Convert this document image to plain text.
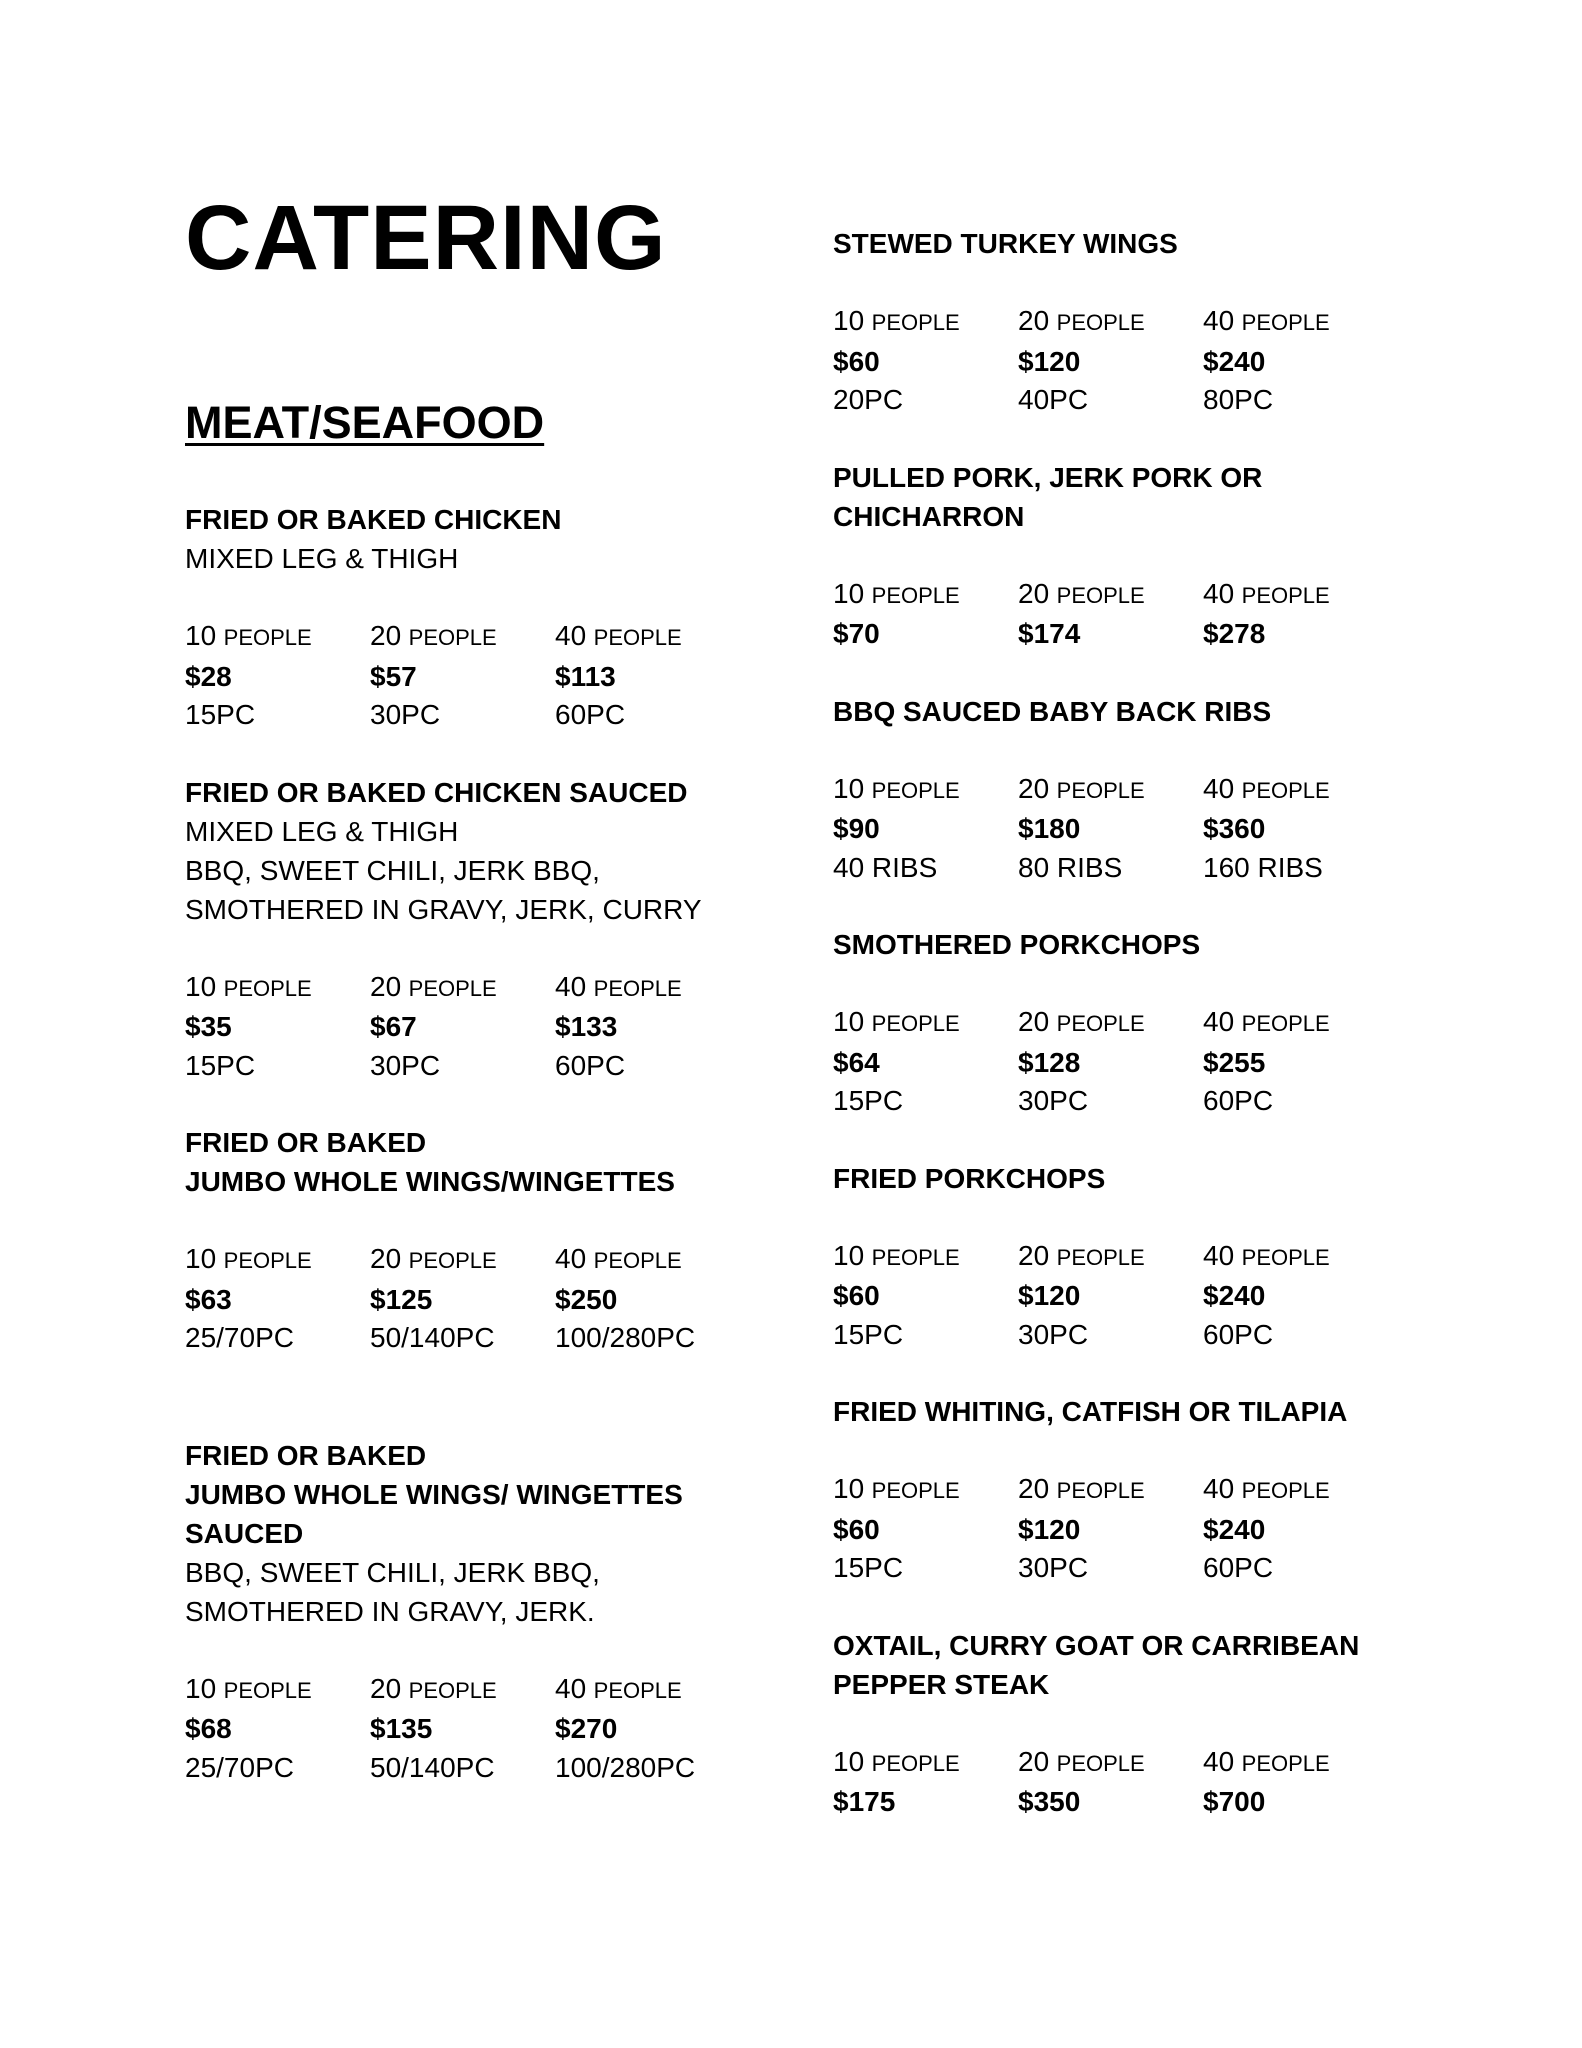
CATERING
MEAT/SEAFOOD
FRIED OR BAKED CHICKEN
MIXED LEG & THIGH
10 PEOPLE	20 PEOPLE	40 PEOPLE
$28	$57	$113
15PC	30PC	60PC
FRIED OR BAKED CHICKEN SAUCED
MIXED LEG & THIGH
BBQ, SWEET CHILI, JERK BBQ,
SMOTHERED IN GRAVY, JERK, CURRY
10 PEOPLE	20 PEOPLE	40 PEOPLE
$35	$67	$133
15PC	30PC	60PC
FRIED OR BAKED
JUMBO WHOLE WINGS/WINGETTES
10 PEOPLE	20 PEOPLE	40 PEOPLE
$63	$125	$250
25/70PC	50/140PC	100/280PC
FRIED OR BAKED
JUMBO WHOLE WINGS/ WINGETTES
SAUCED
BBQ, SWEET CHILI, JERK BBQ,
SMOTHERED IN GRAVY, JERK.
10 PEOPLE	20 PEOPLE	40 PEOPLE
$68	$135	$270
25/70PC	50/140PC	100/280PC
STEWED TURKEY WINGS
10 PEOPLE	20 PEOPLE	40 PEOPLE
$60	$120	$240
20PC	40PC	80PC
PULLED PORK, JERK PORK OR
CHICHARRON
10 PEOPLE	20 PEOPLE	40 PEOPLE
$70	$174	$278
BBQ SAUCED BABY BACK RIBS
10 PEOPLE	20 PEOPLE	40 PEOPLE
$90	$180	$360
40 RIBS	80 RIBS	160 RIBS
SMOTHERED PORKCHOPS
10 PEOPLE	20 PEOPLE	40 PEOPLE
$64	$128	$255
15PC	30PC	60PC
FRIED PORKCHOPS
10 PEOPLE	20 PEOPLE	40 PEOPLE
$60	$120	$240
15PC	30PC	60PC
FRIED WHITING, CATFISH OR TILAPIA
10 PEOPLE	20 PEOPLE	40 PEOPLE
$60	$120	$240
15PC	30PC	60PC
OXTAIL, CURRY GOAT OR CARRIBEAN
PEPPER STEAK
10 PEOPLE	20 PEOPLE	40 PEOPLE
$175	$350	$700
